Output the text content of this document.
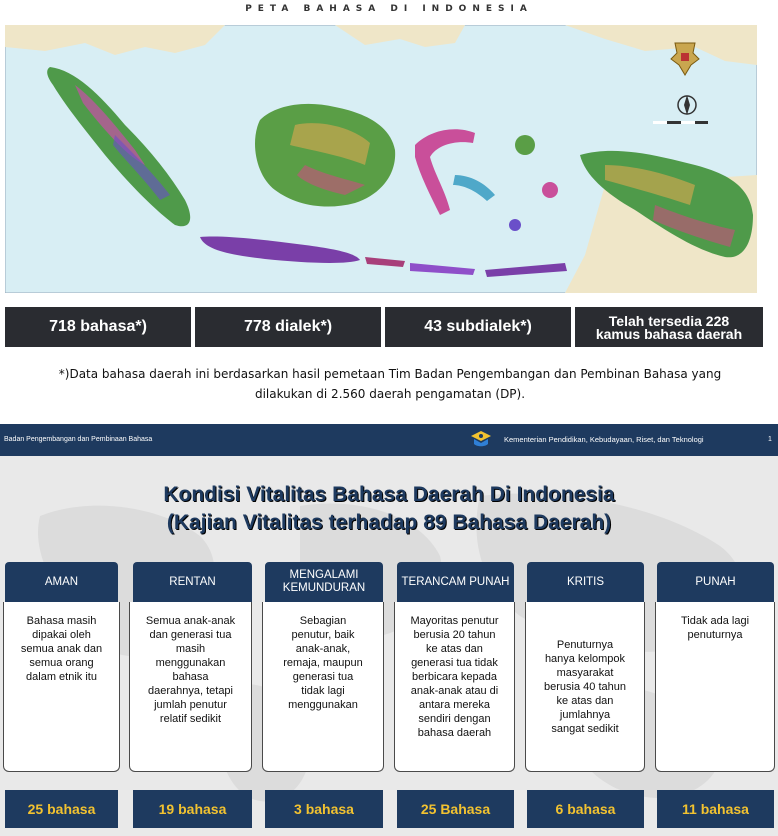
PETA BAHASA DI INDONESIA
718 bahasa*)	778 dialek*)	43 subdialek*)	Telah tersedia 228
kamus bahasa daerah
*)Data bahasa daerah ini berdasarkan hasil pemetaan Tim Badan Pengembangan dan Pembinan Bahasa yang
dilakukan di 2.560 daerah pengamatan (DP).
Badan Pengembangan dan Pembinaan Bahasa	Kementerian Pendidikan, Kebudayaan, Riset, dan Teknologi	1
Kondisi Vitalitas Bahasa Daerah Di Indonesia
(Kajian Vitalitas terhadap 89 Bahasa Daerah)
AMAN
Bahasa masih
dipakai oleh
semua anak dan
semua orang
dalam etnik itu
25 bahasa
RENTAN
Semua anak-anak
dan generasi tua
masih
menggunakan
bahasa
daerahnya, tetapi
jumlah penutur
relatif sedikit
19 bahasa
MENGALAMI
KEMUNDURAN
Sebagian
penutur, baik
anak-anak,
remaja, maupun
generasi tua
tidak lagi
menggunakan
3 bahasa
TERANCAM PUNAH
Mayoritas penutur
berusia 20 tahun
ke atas dan
generasi tua tidak
berbicara kepada
anak-anak atau di
antara mereka
sendiri dengan
bahasa daerah
25 Bahasa
KRITIS
Penuturnya
hanya kelompok
masyarakat
berusia 40 tahun
ke atas dan
jumlahnya
sangat sedikit
6 bahasa
PUNAH
Tidak ada lagi
penuturnya
11 bahasa
